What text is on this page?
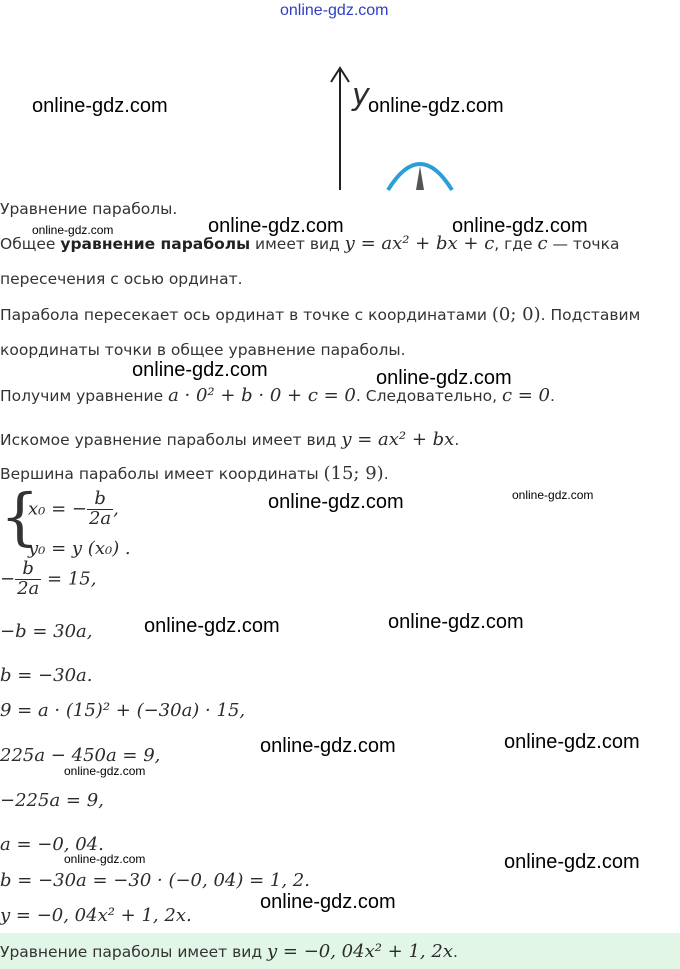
online-gdz.com
y
online-gdz.com	online-gdz.com
online-gdz.com	online-gdz.com	online-gdz.com
online-gdz.com	online-gdz.com
online-gdz.com	online-gdz.com
online-gdz.com	online-gdz.com
online-gdz.com	online-gdz.com
online-gdz.com
online-gdz.com	online-gdz.com
online-gdz.com
Уравнение параболы.
Общее уравнение параболы имеет вид y = ax² + bx + c, где c — точка
пересечения с осью ординат.
Парабола пересекает ось ординат в точке с координатами (0; 0). Подставим
координаты точки в общее уравнение параболы.
Получим уравнение a · 0² + b · 0 + c = 0. Следовательно, c = 0.
Искомое уравнение параболы имеет вид y = ax² + bx.
Вершина параболы имеет координаты (15; 9).
{
x₀ = − $\frac{b}{2a}$ ,
y₀ = y (x₀) .
− $\frac{b}{2a} = 15$,
−b = 30a,
b = −30a.
9 = a · (15)² + (−30a) · 15,
225a − 450a = 9,
−225a = 9,
a = −0, 04.
b = −30a = −30 · (−0, 04) = 1, 2.
y = −0, 04x² + 1, 2x.
Уравнение параболы имеет вид y = −0, 04x² + 1, 2x.
